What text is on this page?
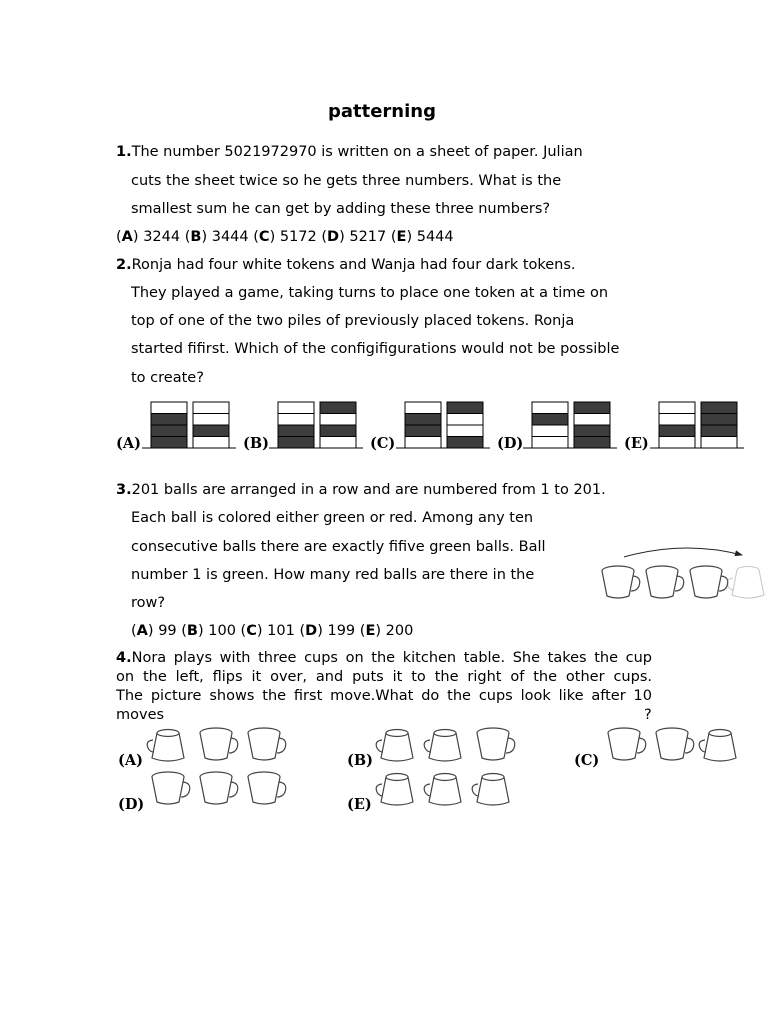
patterning
1.The number 5021972970 is written on a sheet of paper. Julian
cuts the sheet twice so he gets three numbers. What is the
smallest sum he can get by adding these three numbers?
(A) 3244 (B) 3444 (C) 5172 (D) 5217 (E) 5444
2.Ronja had four white tokens and Wanja had four dark tokens.
They played a game, taking turns to place one token at a time on
top of one of the two piles of previously placed tokens. Ronja
started fifirst. Which of the configifigurations would not be possible
to create?
(A)	(B)	(C)	(D)	(E)
3.201 balls are arranged in a row and are numbered from 1 to 201.
Each ball is colored either green or red. Among any ten
consecutive balls there are exactly fifive green balls. Ball
number 1 is green. How many red balls are there in the
row?
(A) 99 (B) 100 (C) 101 (D) 199 (E) 200
4.Nora plays with three cups on the kitchen table. She takes the cup
on the left, flips it over, and puts it to the right of the other cups.
The picture shows the first move.What do the cups look like after 10
moves	?
(A)	(B)	(C)
(D)	(E)
